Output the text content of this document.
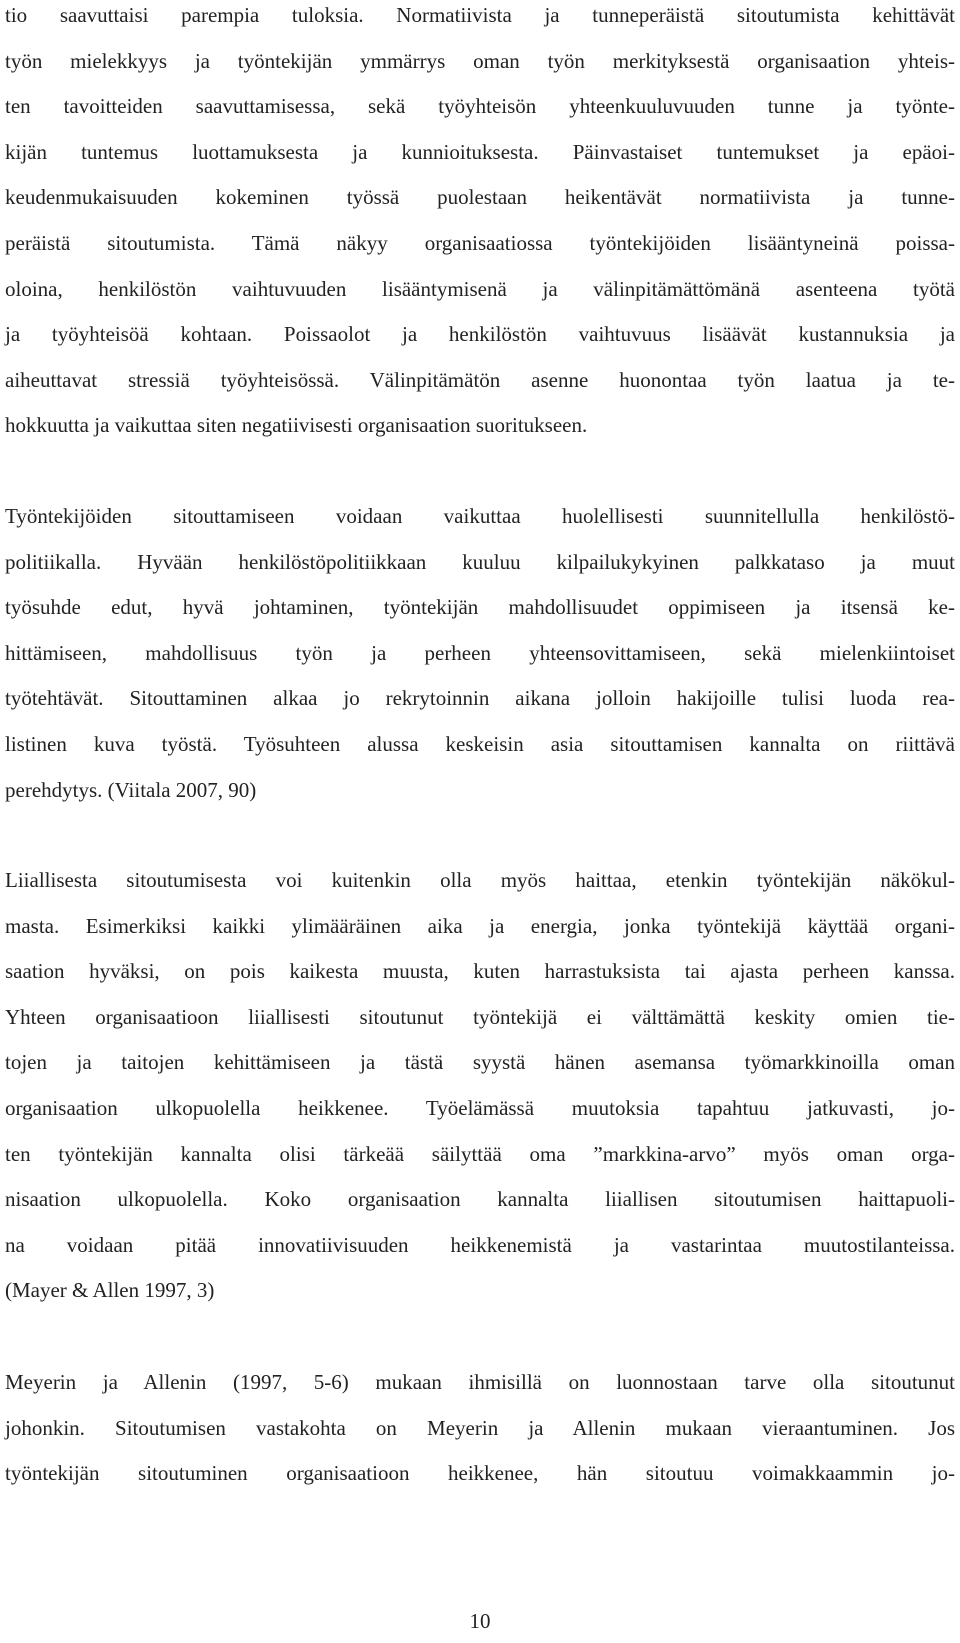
tio saavuttaisi parempia tuloksia. Normatiivista ja tunneperäistä sitoutumista kehittävät
työn mielekkyys ja työntekijän ymmärrys oman työn merkityksestä organisaation yhteis-
ten tavoitteiden saavuttamisessa, sekä työyhteisön yhteenkuuluvuuden tunne ja työnte-
kijän tuntemus luottamuksesta ja kunnioituksesta. Päinvastaiset tuntemukset ja epäoi-
keudenmukaisuuden kokeminen työssä puolestaan heikentävät normatiivista ja tunne-
peräistä sitoutumista. Tämä näkyy organisaatiossa työntekijöiden lisääntyneinä poissa-
oloina, henkilöstön vaihtuvuuden lisääntymisenä ja välinpitämättömänä asenteena työtä
ja työyhteisöä kohtaan. Poissaolot ja henkilöstön vaihtuvuus lisäävät kustannuksia ja
aiheuttavat stressiä työyhteisössä. Välinpitämätön asenne huonontaa työn laatua ja te-
hokkuutta ja vaikuttaa siten negatiivisesti organisaation suoritukseen.
Työntekijöiden sitouttamiseen voidaan vaikuttaa huolellisesti suunnitellulla henkilöstö-
politiikalla. Hyvään henkilöstöpolitiikkaan kuuluu kilpailukykyinen palkkataso ja muut
työsuhde edut, hyvä johtaminen, työntekijän mahdollisuudet oppimiseen ja itsensä ke-
hittämiseen, mahdollisuus työn ja perheen yhteensovittamiseen, sekä mielenkiintoiset
työtehtävät. Sitouttaminen alkaa jo rekrytoinnin aikana jolloin hakijoille tulisi luoda rea-
listinen kuva työstä. Työsuhteen alussa keskeisin asia sitouttamisen kannalta on riittävä
perehdytys. (Viitala 2007, 90)
Liiallisesta sitoutumisesta voi kuitenkin olla myös haittaa, etenkin työntekijän näkökul-
masta. Esimerkiksi kaikki ylimääräinen aika ja energia, jonka työntekijä käyttää organi-
saation hyväksi, on pois kaikesta muusta, kuten harrastuksista tai ajasta perheen kanssa.
Yhteen organisaatioon liiallisesti sitoutunut työntekijä ei välttämättä keskity omien tie-
tojen ja taitojen kehittämiseen ja tästä syystä hänen asemansa työmarkkinoilla oman
organisaation ulkopuolella heikkenee. Työelämässä muutoksia tapahtuu jatkuvasti, jo-
ten työntekijän kannalta olisi tärkeää säilyttää oma ”markkina-arvo” myös oman orga-
nisaation ulkopuolella. Koko organisaation kannalta liiallisen sitoutumisen haittapuoli-
na voidaan pitää innovatiivisuuden heikkenemistä ja vastarintaa muutostilanteissa.
(Mayer & Allen 1997, 3)
Meyerin ja Allenin (1997, 5-6) mukaan ihmisillä on luonnostaan tarve olla sitoutunut
johonkin. Sitoutumisen vastakohta on Meyerin ja Allenin mukaan vieraantuminen. Jos
työntekijän sitoutuminen organisaatioon heikkenee, hän sitoutuu voimakkaammin jo-
10
